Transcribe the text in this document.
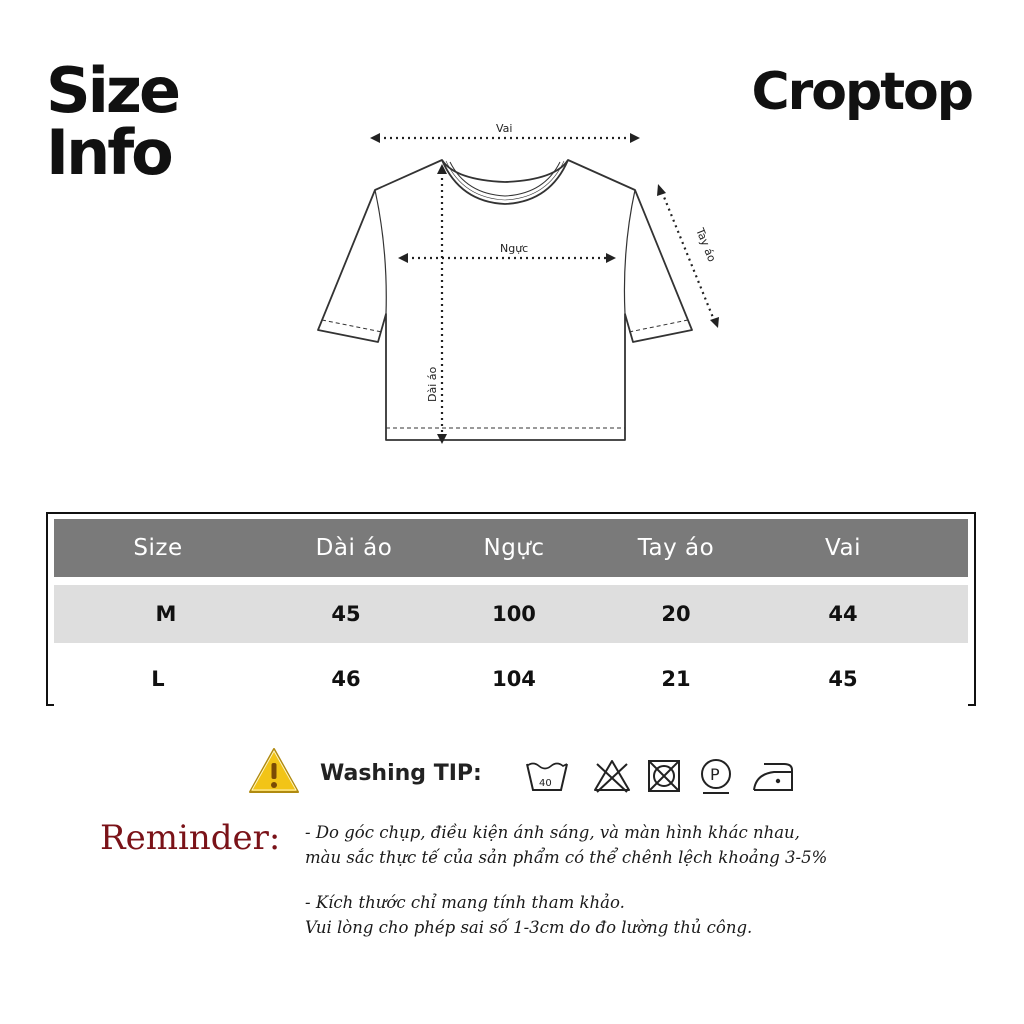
Size
Info
Croptop
Vai
Ngực	Tay áo
Dài áo
Size	Dài áo	Ngực	Tay áo	Vai
M	45	100	20	44
L	46	104	21	45
Washing TIP:	40	P
Reminder: - Do góc chụp, điều kiện ánh sáng, và màn hình khác nhau,

màu sắc thực tế của sản phẩm có thể chênh lệch khoảng 3-5%

- Kích thước chỉ mang tính tham khảo.

Vui lòng cho phép sai số 1-3cm do đo lường thủ công.
